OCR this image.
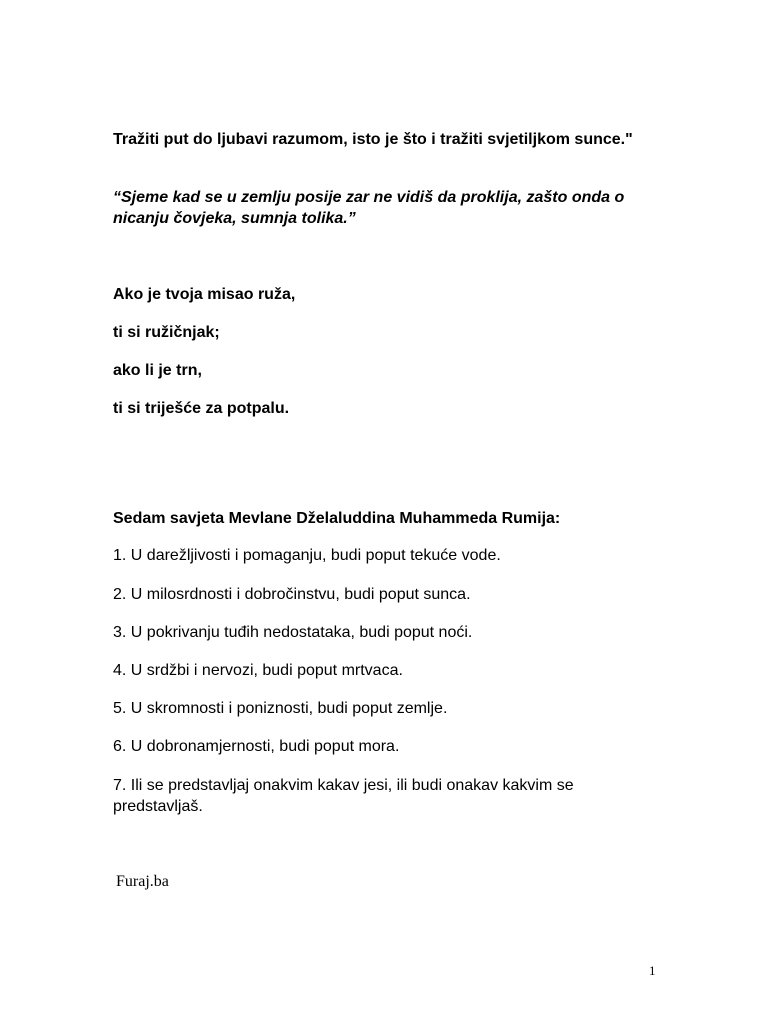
Tražiti put do ljubavi razumom, isto je što i tražiti svjetiljkom sunce."

“Sjeme kad se u zemlju posije zar ne vidiš da proklija, zašto onda o nicanju čovjeka, sumnja tolika.”

Ako je tvoja misao ruža,

ti si ružičnjak;

ako li je trn,

ti si triješće za potpalu.

Sedam savjeta Mevlane Dželaluddina Muhammeda Rumija:

1. U darežljivosti i pomaganju, budi poput tekuće vode.

2. U milosrdnosti i dobročinstvu, budi poput sunca.

3. U pokrivanju tuđih nedostataka, budi poput noći.

4. U srdžbi i nervozi, budi poput mrtvaca.

5. U skromnosti i poniznosti, budi poput zemlje.

6. U dobronamjernosti, budi poput mora.

7. Ili se predstavljaj onakvim kakav jesi, ili budi onakav kakvim se predstavljaš.

Furaj.ba

1
